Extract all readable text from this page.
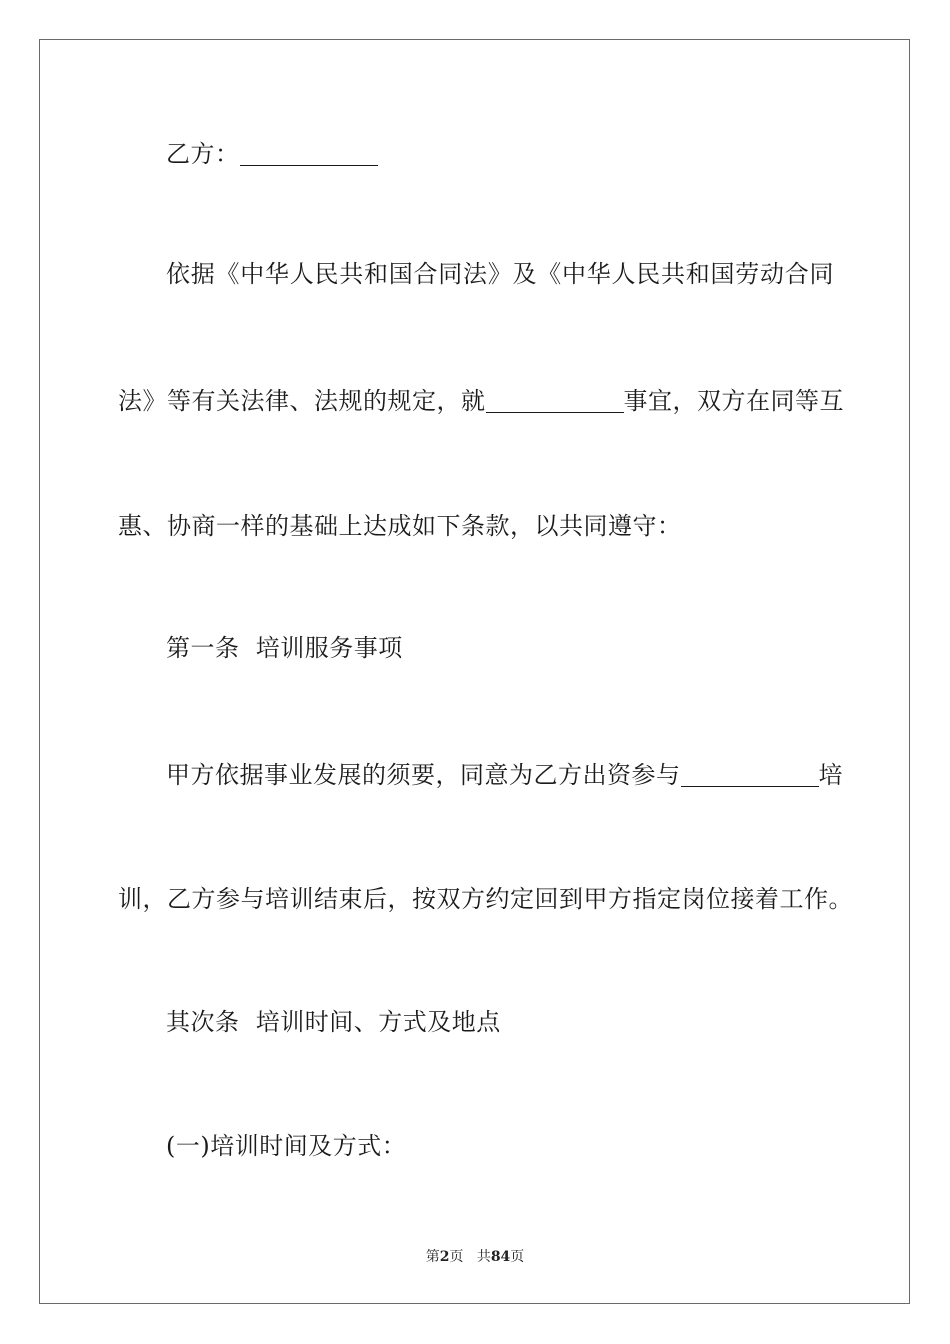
乙方：
依据《中华人民共和国合同法》及《中华人民共和国劳动合同
法》等有关法律、法规的规定，就	事宜，双方在同等互
惠、协商一样的基础上达成如下条款，以共同遵守：
第一条  培训服务事项
甲方依据事业发展的须要，同意为乙方出资参与	培
训，乙方参与培训结束后，按双方约定回到甲方指定岗位接着工作。
其次条  培训时间、方式及地点
(一)培训时间及方式：
第2页 共84页
